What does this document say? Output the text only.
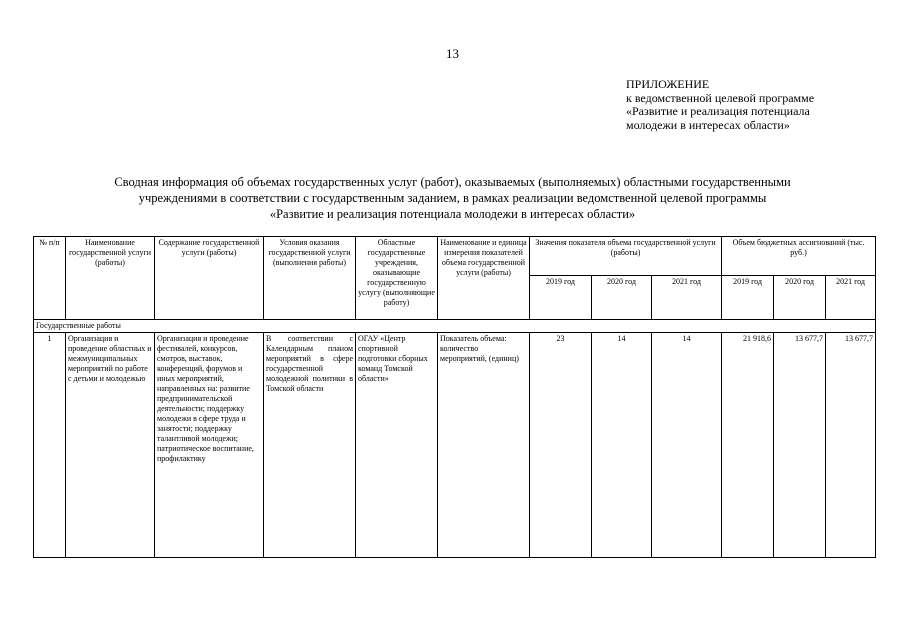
13
ПРИЛОЖЕНИЕ
к ведомственной целевой программе
«Развитие и реализация потенциала
молодежи в интересах области»
Сводная информация об объемах государственных услуг (работ), оказываемых (выполняемых) областными государственными
учреждениями в соответствии с государственным заданием, в рамках реализации ведомственной целевой программы
«Развитие и реализация потенциала молодежи в интересах области»
№ п/п	Наименование государственной услуги (работы)	Содержание государственной услуги (работы)	Условия оказания государственной услуги (выполнения работы)	Областные государственные учреждения, оказывающие государственную услугу (выполняющие работу)	Наименование и единица измерения показателей объема государственной услуги (работы)	Значения показателя объема государственной услуги (работы)			Объем бюджетных ассигнований (тыс. руб.)		
						2019 год	2020 год	2021 год	2019 год	2020 год	2021 год
Государственные работы											
1	Организация и проведение областных и межмуниципальных мероприятий по работе с детьми и молодежью	Организация и проведение фестивалей, конкурсов, смотров, выставок, конференций, форумов и иных мероприятий, направленных на: развитие предпринимательской деятельности; поддержку молодежи в сфере труда и занятости; поддержку талантливой молодежи; патриотическое воспитание, профилактику	В соответствии с Календарным планом мероприятий в сфере государственной молодежной политики в Томской области	ОГАУ «Центр спортивной подготовки сборных команд Томской области»	Показатель объема: количество мероприятий, (единиц)	23	14	14	21 918,6	13 677,7	13 677,7
